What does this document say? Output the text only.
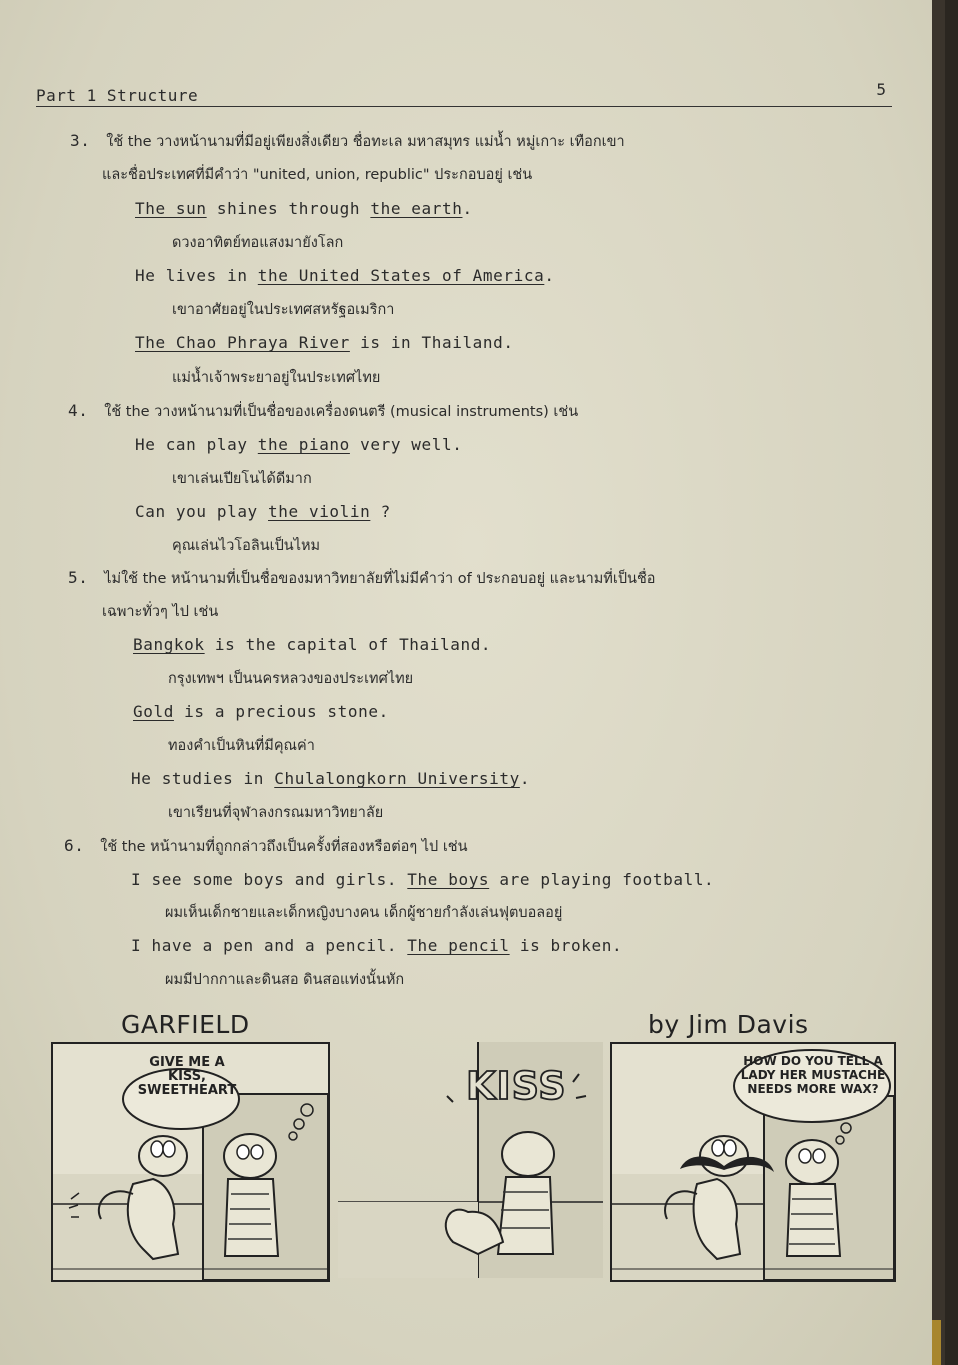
Part 1 Structure	5
3. ใช้ the วางหน้านามที่มีอยู่เพียงสิ่งเดียว ชื่อทะเล มหาสมุทร แม่น้ำ หมู่เกาะ เทือกเขา
และชื่อประเทศที่มีคำว่า "united, union, republic" ประกอบอยู่ เช่น
The sun shines through the earth.
ดวงอาทิตย์ทอแสงมายังโลก
He lives in the United States of America.
เขาอาศัยอยู่ในประเทศสหรัฐอเมริกา
The Chao Phraya River is in Thailand.
แม่น้ำเจ้าพระยาอยู่ในประเทศไทย
4. ใช้ the วางหน้านามที่เป็นชื่อของเครื่องดนตรี (musical instruments) เช่น
He can play the piano very well.
เขาเล่นเปียโนได้ดีมาก
Can you play the violin ?
คุณเล่นไวโอลินเป็นไหม
5. ไม่ใช้ the หน้านามที่เป็นชื่อของมหาวิทยาลัยที่ไม่มีคำว่า of ประกอบอยู่ และนามที่เป็นชื่อ
เฉพาะทั่วๆ ไป เช่น
Bangkok is the capital of Thailand.
กรุงเทพฯ เป็นนครหลวงของประเทศไทย
Gold is a precious stone.
ทองคำเป็นหินที่มีคุณค่า
He studies in Chulalongkorn University.
เขาเรียนที่จุฬาลงกรณมหาวิทยาลัย
6. ใช้ the หน้านามที่ถูกกล่าวถึงเป็นครั้งที่สองหรือต่อๆ ไป เช่น
I see some boys and girls. The boys are playing football.
ผมเห็นเด็กชายและเด็กหญิงบางคน เด็กผู้ชายกำลังเล่นฟุตบอลอยู่
I have a pen and a pencil. The pencil is broken.
ผมมีปากกาและดินสอ ดินสอแท่งนั้นหัก
GARFIELD	by Jim Davis
GIVE ME A KISS,
SWEETHEART	KISS
HOW DO YOU TELL A
LADY HER MUSTACHE
NEEDS MORE WAX?
